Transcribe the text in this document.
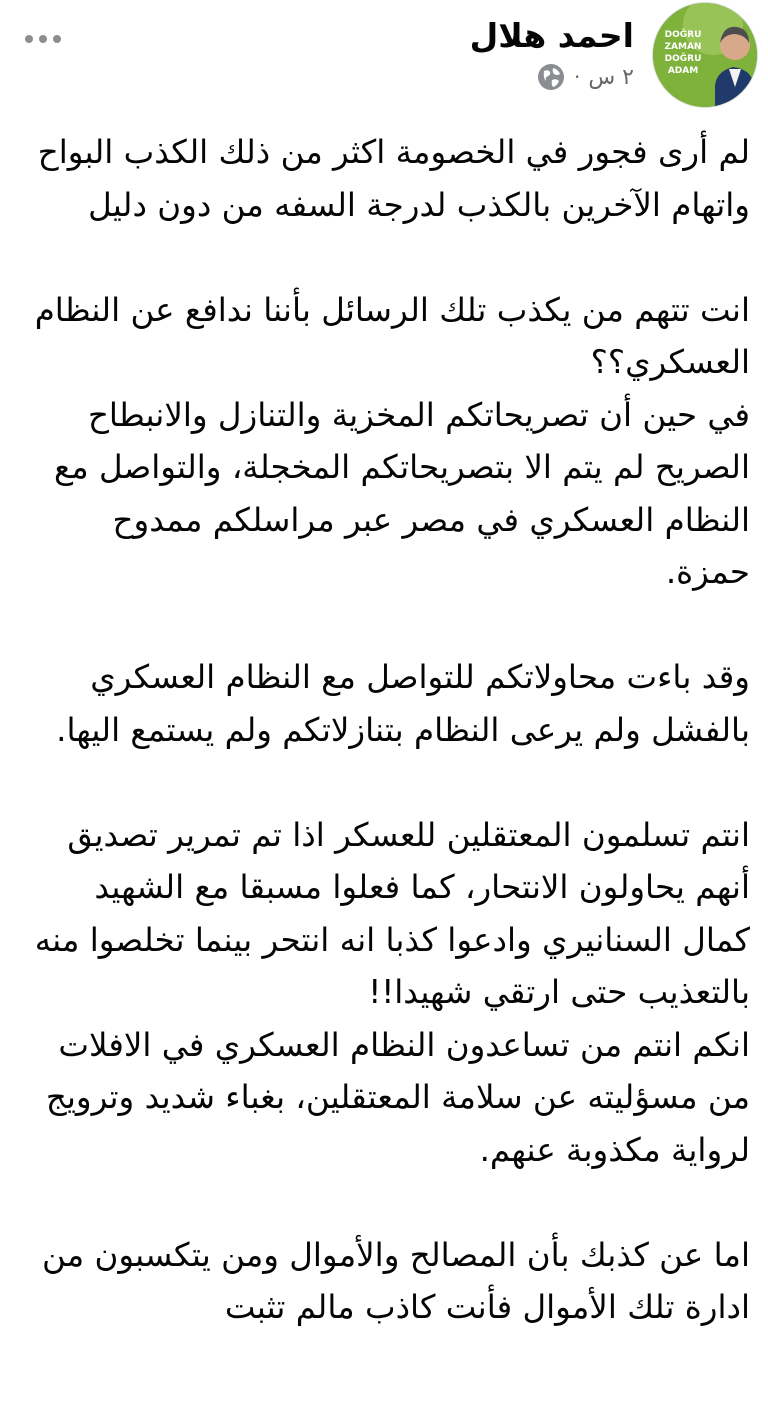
DOĞRU
ZAMAN
DOĞRU
ADAM
احمد هلال
٢ س
·

لم أرى فجور في الخصومة اكثر من ذلك الكذب البواح واتهام الآخرين بالكذب لدرجة السفه من دون دليل

انت تتهم من يكذب تلك الرسائل بأننا ندافع عن النظام العسكري؟؟

في حين أن تصريحاتكم المخزية والتنازل والانبطاح الصريح لم يتم الا بتصريحاتكم المخجلة، والتواصل مع النظام العسكري في مصر عبر مراسلكم ممدوح حمزة.

وقد باءت محاولاتكم للتواصل مع النظام العسكري بالفشل ولم يرعى النظام بتنازلاتكم ولم يستمع اليها.

انتم تسلمون المعتقلين للعسكر اذا تم تمرير تصديق أنهم يحاولون الانتحار، كما فعلوا مسبقا مع الشهيد كمال السنانيري وادعوا كذبا انه انتحر بينما تخلصوا منه بالتعذيب حتى ارتقي شهيدا!!

انكم انتم من تساعدون النظام العسكري في الافلات من مسؤليته عن سلامة المعتقلين، بغباء شديد وترويج لرواية مكذوبة عنهم.

اما عن كذبك بأن المصالح والأموال ومن يتكسبون من ادارة تلك الأموال فأنت كاذب مالم تثبت
